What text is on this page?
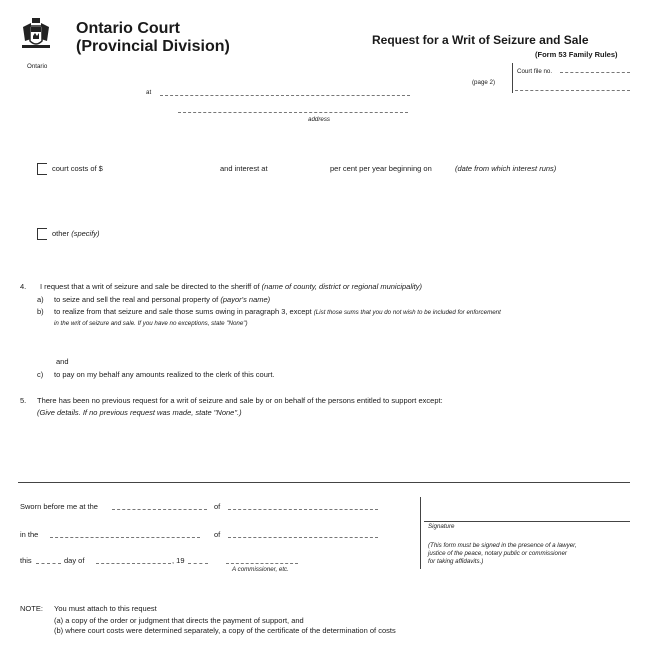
Ontario
Ontario Court
(Provincial Division)	Request for a Writ of Seizure and Sale
(Form 53 Family Rules)
Court file no.
(page 2)
at
address
court costs of $	and interest at	per cent per year beginning on	(date from which interest runs)
other (specify)
4. I request that a writ of seizure and sale be directed to the sheriff of (name of county, district or regional municipality)
a) to seize and sell the real and personal property of (payor's name)
b) to realize from that seizure and sale those sums owing in paragraph 3, except (List those sums that you do not wish to be included for enforcement
in the writ of seizure and sale. If you have no exceptions, state "None")
and
c) to pay on my behalf any amounts realized to the clerk of this court.
5. There has been no previous request for a writ of seizure and sale by or on behalf of the persons entitled to support except:
(Give details. If no previous request was made, state "None".)
Sworn before me at the	of
in the	of
this	day of	, 19
A commissioner, etc.
Signature
(This form must be signed in the presence of a lawyer,
justice of the peace, notary public or commissioner
for taking affidavits.)
NOTE: You must attach to this request
(a) a copy of the order or judgment that directs the payment of support, and
(b) where court costs were determined separately, a copy of the certificate of the determination of costs
